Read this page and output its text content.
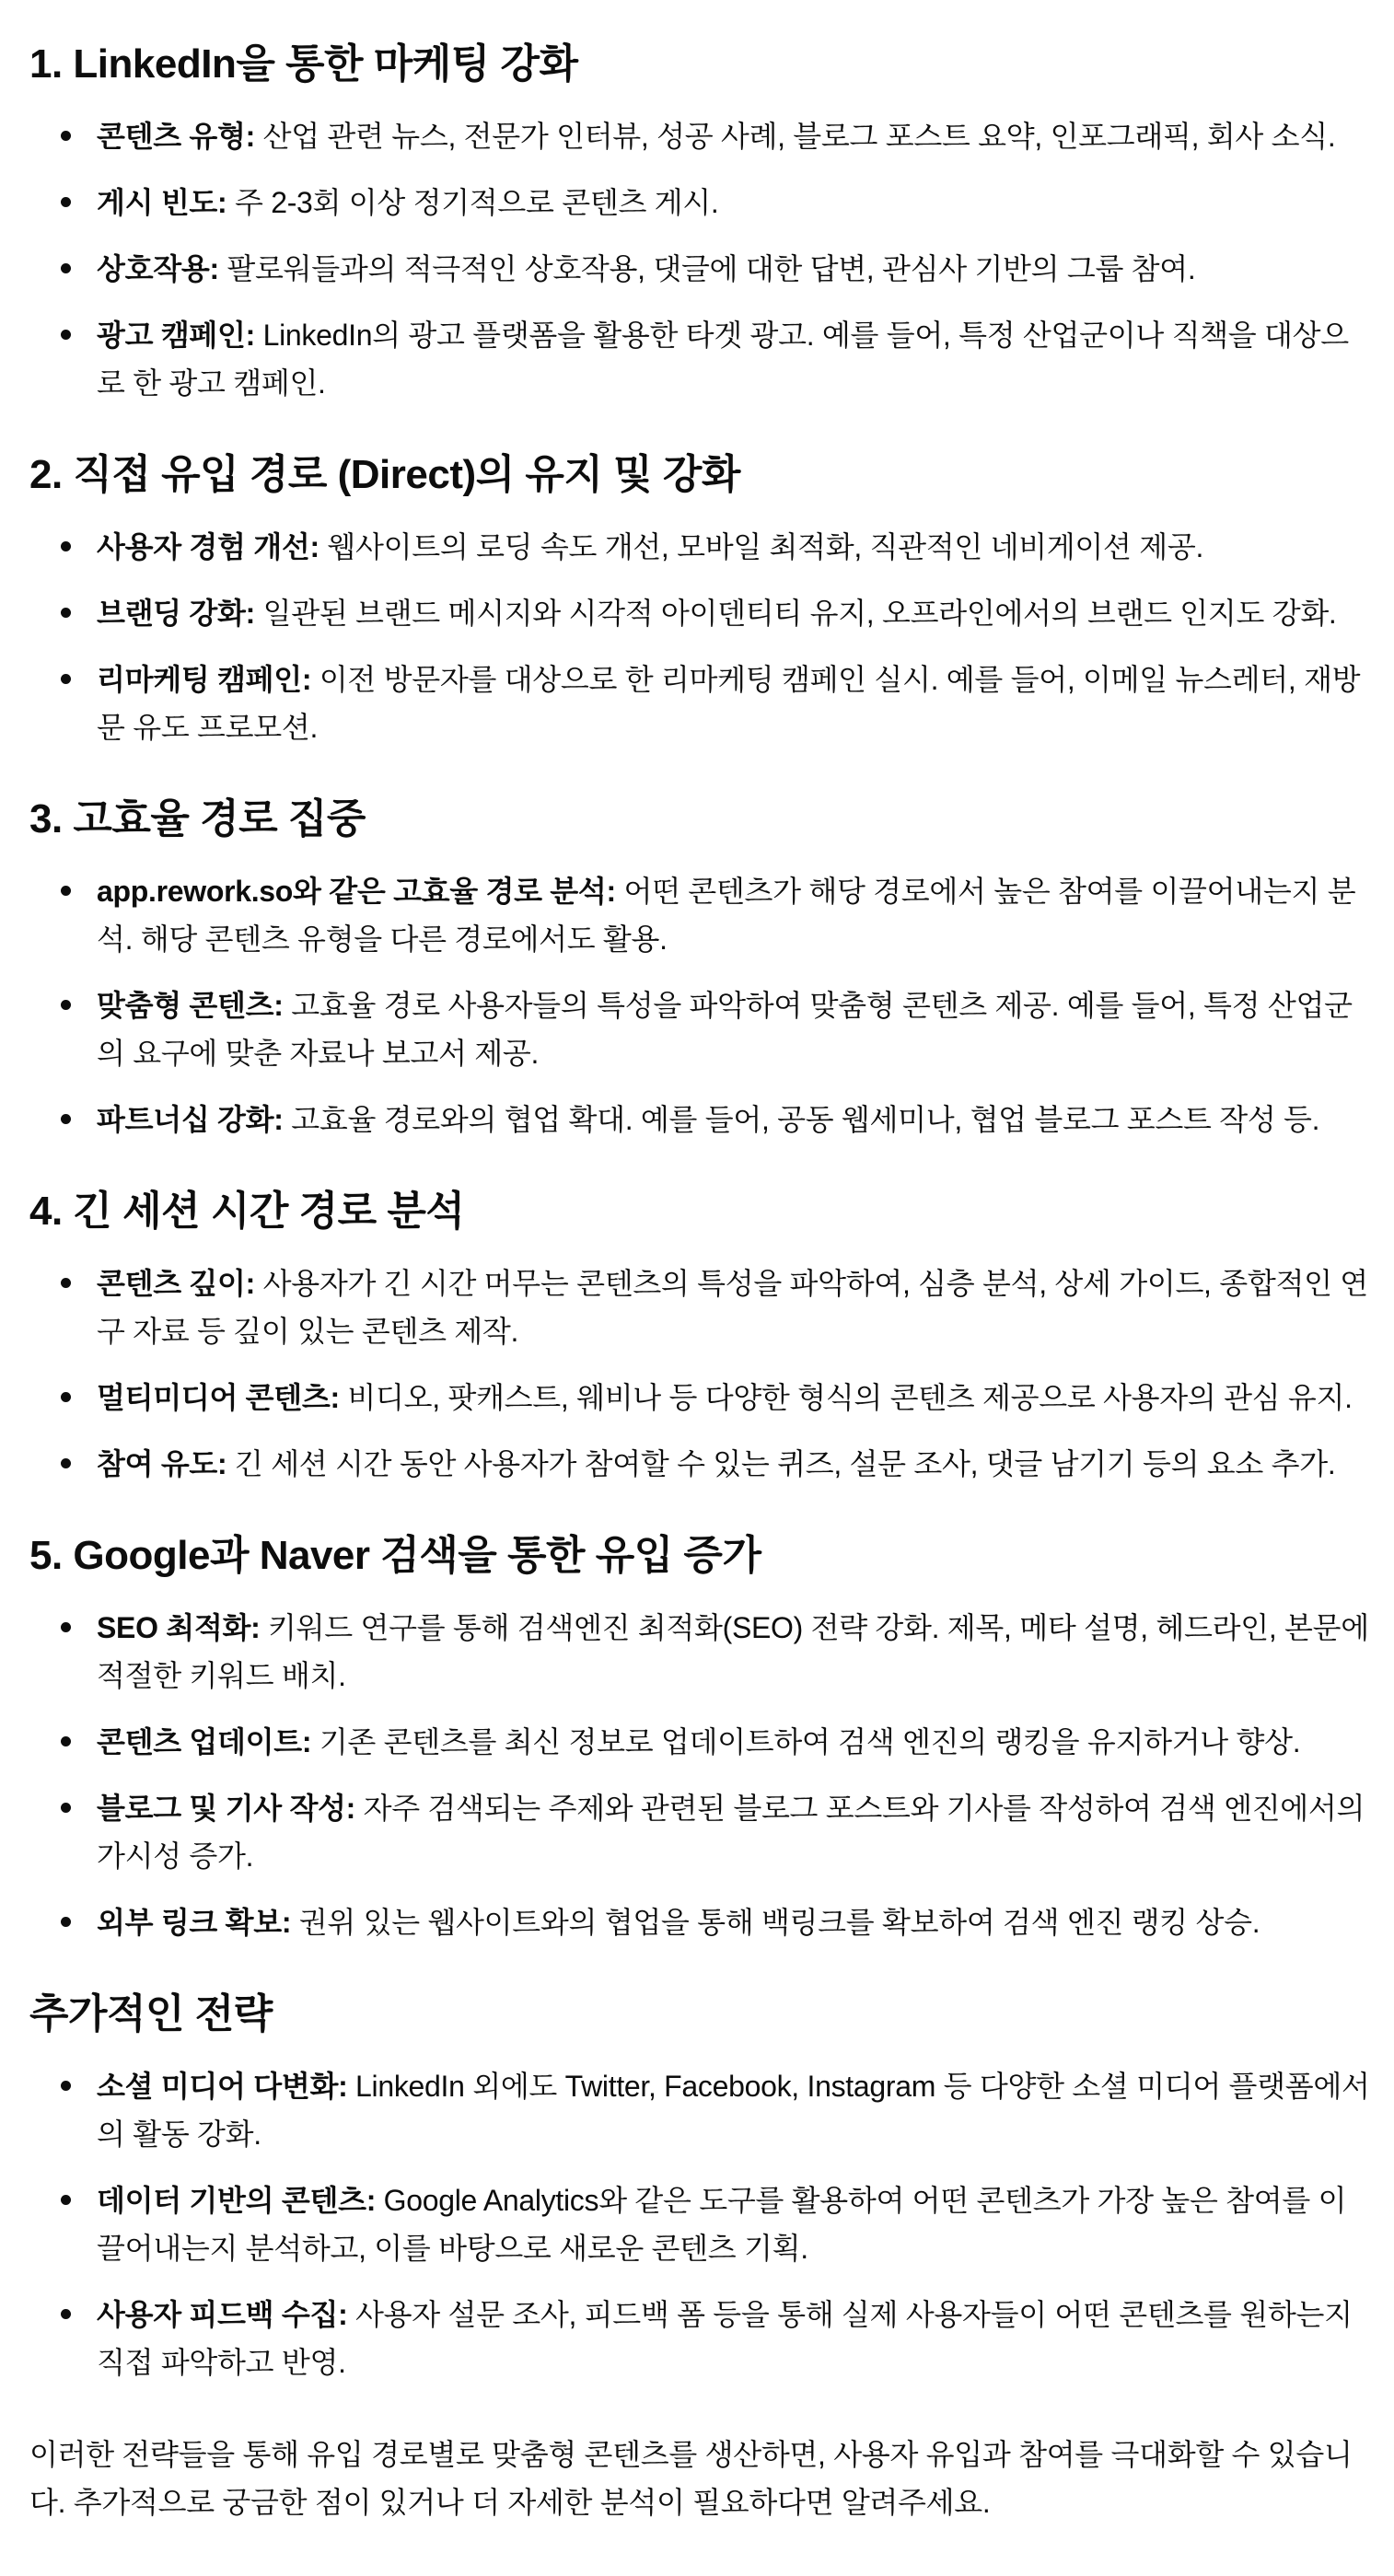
1. LinkedIn을 통한 마케팅 강화
콘텐츠 유형: 산업 관련 뉴스, 전문가 인터뷰, 성공 사례, 블로그 포스트 요약, 인포그래픽, 회사 소식.
게시 빈도: 주 2-3회 이상 정기적으로 콘텐츠 게시.
상호작용: 팔로워들과의 적극적인 상호작용, 댓글에 대한 답변, 관심사 기반의 그룹 참여.
광고 캠페인: LinkedIn의 광고 플랫폼을 활용한 타겟 광고. 예를 들어, 특정 산업군이나 직책을 대상으로 한 광고 캠페인.
2. 직접 유입 경로 (Direct)의 유지 및 강화
사용자 경험 개선: 웹사이트의 로딩 속도 개선, 모바일 최적화, 직관적인 네비게이션 제공.
브랜딩 강화: 일관된 브랜드 메시지와 시각적 아이덴티티 유지, 오프라인에서의 브랜드 인지도 강화.
리마케팅 캠페인: 이전 방문자를 대상으로 한 리마케팅 캠페인 실시. 예를 들어, 이메일 뉴스레터, 재방문 유도 프로모션.
3. 고효율 경로 집중
app.rework.so와 같은 고효율 경로 분석: 어떤 콘텐츠가 해당 경로에서 높은 참여를 이끌어내는지 분석. 해당 콘텐츠 유형을 다른 경로에서도 활용.
맞춤형 콘텐츠: 고효율 경로 사용자들의 특성을 파악하여 맞춤형 콘텐츠 제공. 예를 들어, 특정 산업군의 요구에 맞춘 자료나 보고서 제공.
파트너십 강화: 고효율 경로와의 협업 확대. 예를 들어, 공동 웹세미나, 협업 블로그 포스트 작성 등.
4. 긴 세션 시간 경로 분석
콘텐츠 깊이: 사용자가 긴 시간 머무는 콘텐츠의 특성을 파악하여, 심층 분석, 상세 가이드, 종합적인 연구 자료 등 깊이 있는 콘텐츠 제작.
멀티미디어 콘텐츠: 비디오, 팟캐스트, 웨비나 등 다양한 형식의 콘텐츠 제공으로 사용자의 관심 유지.
참여 유도: 긴 세션 시간 동안 사용자가 참여할 수 있는 퀴즈, 설문 조사, 댓글 남기기 등의 요소 추가.
5. Google과 Naver 검색을 통한 유입 증가
SEO 최적화: 키워드 연구를 통해 검색엔진 최적화(SEO) 전략 강화. 제목, 메타 설명, 헤드라인, 본문에 적절한 키워드 배치.
콘텐츠 업데이트: 기존 콘텐츠를 최신 정보로 업데이트하여 검색 엔진의 랭킹을 유지하거나 향상.
블로그 및 기사 작성: 자주 검색되는 주제와 관련된 블로그 포스트와 기사를 작성하여 검색 엔진에서의 가시성 증가.
외부 링크 확보: 권위 있는 웹사이트와의 협업을 통해 백링크를 확보하여 검색 엔진 랭킹 상승.
추가적인 전략
소셜 미디어 다변화: LinkedIn 외에도 Twitter, Facebook, Instagram 등 다양한 소셜 미디어 플랫폼에서의 활동 강화.
데이터 기반의 콘텐츠: Google Analytics와 같은 도구를 활용하여 어떤 콘텐츠가 가장 높은 참여를 이끌어내는지 분석하고, 이를 바탕으로 새로운 콘텐츠 기획.
사용자 피드백 수집: 사용자 설문 조사, 피드백 폼 등을 통해 실제 사용자들이 어떤 콘텐츠를 원하는지 직접 파악하고 반영.

이러한 전략들을 통해 유입 경로별로 맞춤형 콘텐츠를 생산하면, 사용자 유입과 참여를 극대화할 수 있습니다. 추가적으로 궁금한 점이 있거나 더 자세한 분석이 필요하다면 알려주세요.
